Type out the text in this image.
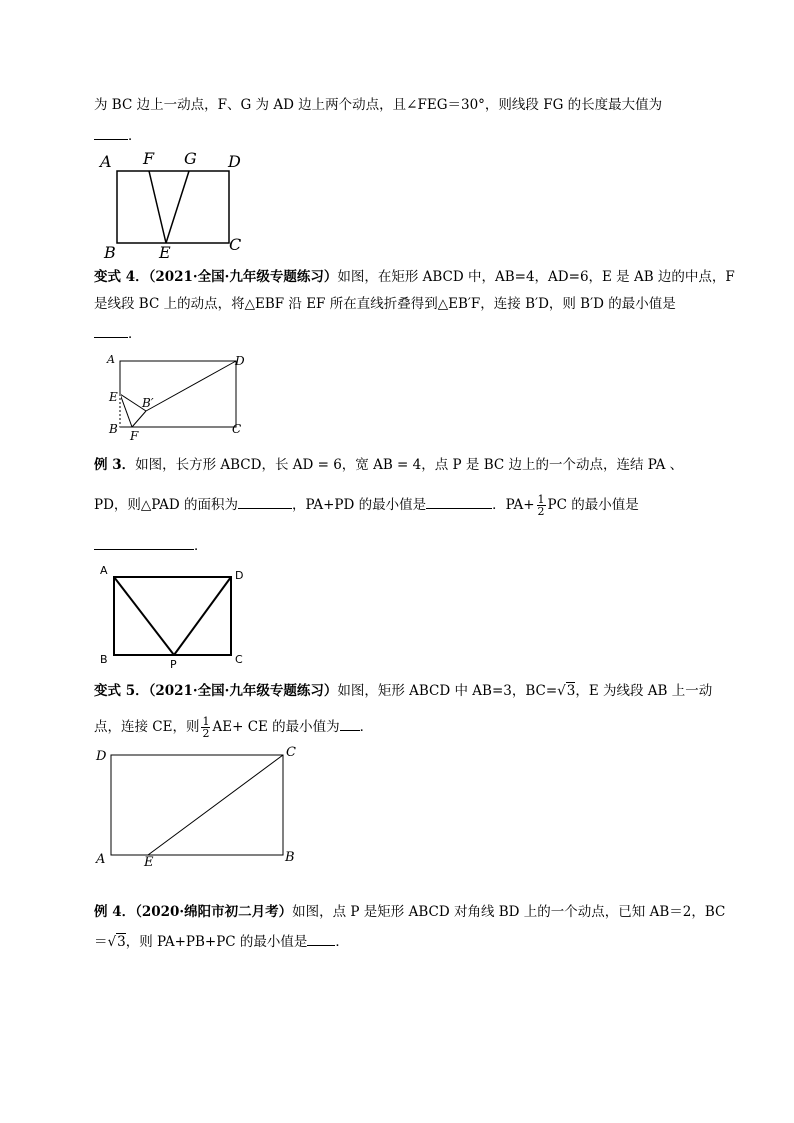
为 BC 边上一动点，F、G 为 AD 边上两个动点，且∠FEG＝30°，则线段 FG 的长度最大值为
．
A F G D
B	E	C
变式 4．（2021·全国·九年级专题练习）如图，在矩形 ABCD 中，AB=4，AD=6，E 是 AB 边的中点，F
是线段 BC 上的动点，将△EBF 沿 EF 所在直线折叠得到△EB′F，连接 B′D，则 B′D 的最小值是
．
A	D
E B′
B F	C
例 3．如图，长方形 ABCD，长 AD = 6，宽 AB = 4，点 P 是 BC 边上的一个动点，连结 PA 、
PD，则△PAD 的面积为	，PA+PD 的最小值是	．$PA+ \frac{1}{2}$ PC 的最小值是
．
A	D
B	P	C
变式 5．（2021·全国·九年级专题练习）如图，矩形 ABCD 中 AB=3，BC=√3，E 为线段 AB 上一动
点，连接 CE，则 $\frac{1}{2} AE+$ CE 的最小值为 ．
D	C
A	E	B
例 4．（2020·绵阳市初二月考）如图，点 P 是矩形 ABCD 对角线 BD 上的一个动点，已知 AB＝2，BC
＝√3，则 PA+PB+PC 的最小值是 ．
